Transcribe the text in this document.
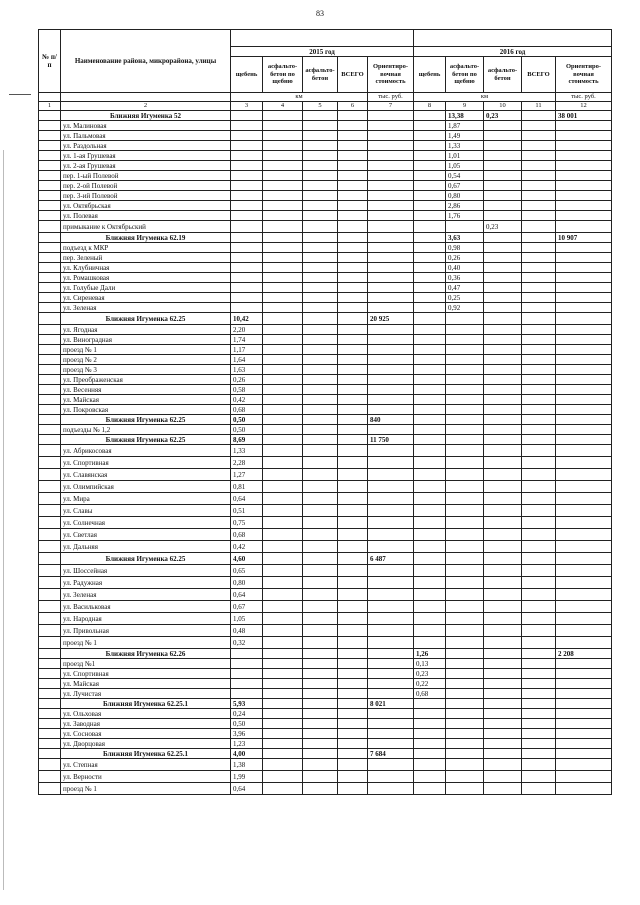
83
№ п/п	Наименование района, микрорайона, улицы										
		2015 год					2016 год				
		щебень	асфальто-бетон по щебню	асфальто-бетон	ВСЕГО	Ориентиро-вочная стоимость	щебень	асфальто-бетон по щебню	асфальто-бетон	ВСЕГО	Ориентиро-вочная стоимость
		км				тыс. руб.	км				тыс. руб.
1	2	3	4	5	6	7	8	9	10	11	12
	Ближняя Игуменка 52							13,38	0,23		38 001
	ул. Малиновая							1,87			
	ул. Пальмовая							1,49			
	ул. Раздольная							1,33			
	ул. 1-ая Грушевая							1,01			
	ул. 2-ая Грушевая							1,05			
	пер. 1-ый Полевой							0,54			
	пер. 2-ой Полевой							0,67			
	пер. 3-ий Полевой							0,80			
	ул. Октябрьская							2,86			
	ул. Полевая							1,76			
	примыкание к Октябрьский								0,23		
	Ближняя Игуменка 62.19							3,63			10 907
	подъезд к МКР							0,98			
	пер. Зеленый							0,26			
	ул. Клубничная							0,40			
	ул. Ромашковая							0,36			
	ул. Голубые Дали							0,47			
	ул. Сиреневая							0,25			
	ул. Зеленая							0,92			
	Ближняя Игуменка 62.25	10,42				20 925					
	ул. Ягодная	2,20									
	ул. Виноградная	1,74									
	проезд № 1	1,17									
	проезд № 2	1,64									
	проезд № 3	1,63									
	ул. Преображенская	0,26									
	ул. Весенняя	0,58									
	ул. Майская	0,42									
	ул. Покровская	0,68									
	Ближняя Игуменка 62.25	0,50				840					
	подъезды № 1,2	0,50									
	Ближняя Игуменка 62.25	8,69				11 750					
	ул. Абрикосовая	1,33									
	ул. Спортивная	2,28									
	ул. Славянская	1,27									
	ул. Олимпийская	0,81									
	ул. Мира	0,64									
	ул. Славы	0,51									
	ул. Солнечная	0,75									
	ул. Светлая	0,68									
	ул. Дальняя	0,42									
	Ближняя Игуменка 62.25	4,60				6 487					
	ул. Шоссейная	0,65									
	ул. Радужная	0,80									
	ул. Зеленая	0,64									
	ул. Васильковая	0,67									
	ул. Народная	1,05									
	ул. Привольная	0,48									
	проезд № 1	0,32									
	Ближняя Игуменка 62.26						1,26				2 208
	проезд №1						0,13				
	ул. Спортивная						0,23				
	ул. Майская						0,22				
	ул. Лучистая						0,68				
	Ближняя Игуменка 62.25.1	5,93				8 021					
	ул. Ольховая	0,24									
	ул. Заводная	0,50									
	ул. Сосновая	3,96									
	ул. Дворцовая	1,23									
	Ближняя Игуменка 62.25.1	4,00				7 684					
	ул. Степная	1,38									
	ул. Верности	1,99									
	проезд № 1	0,64									
